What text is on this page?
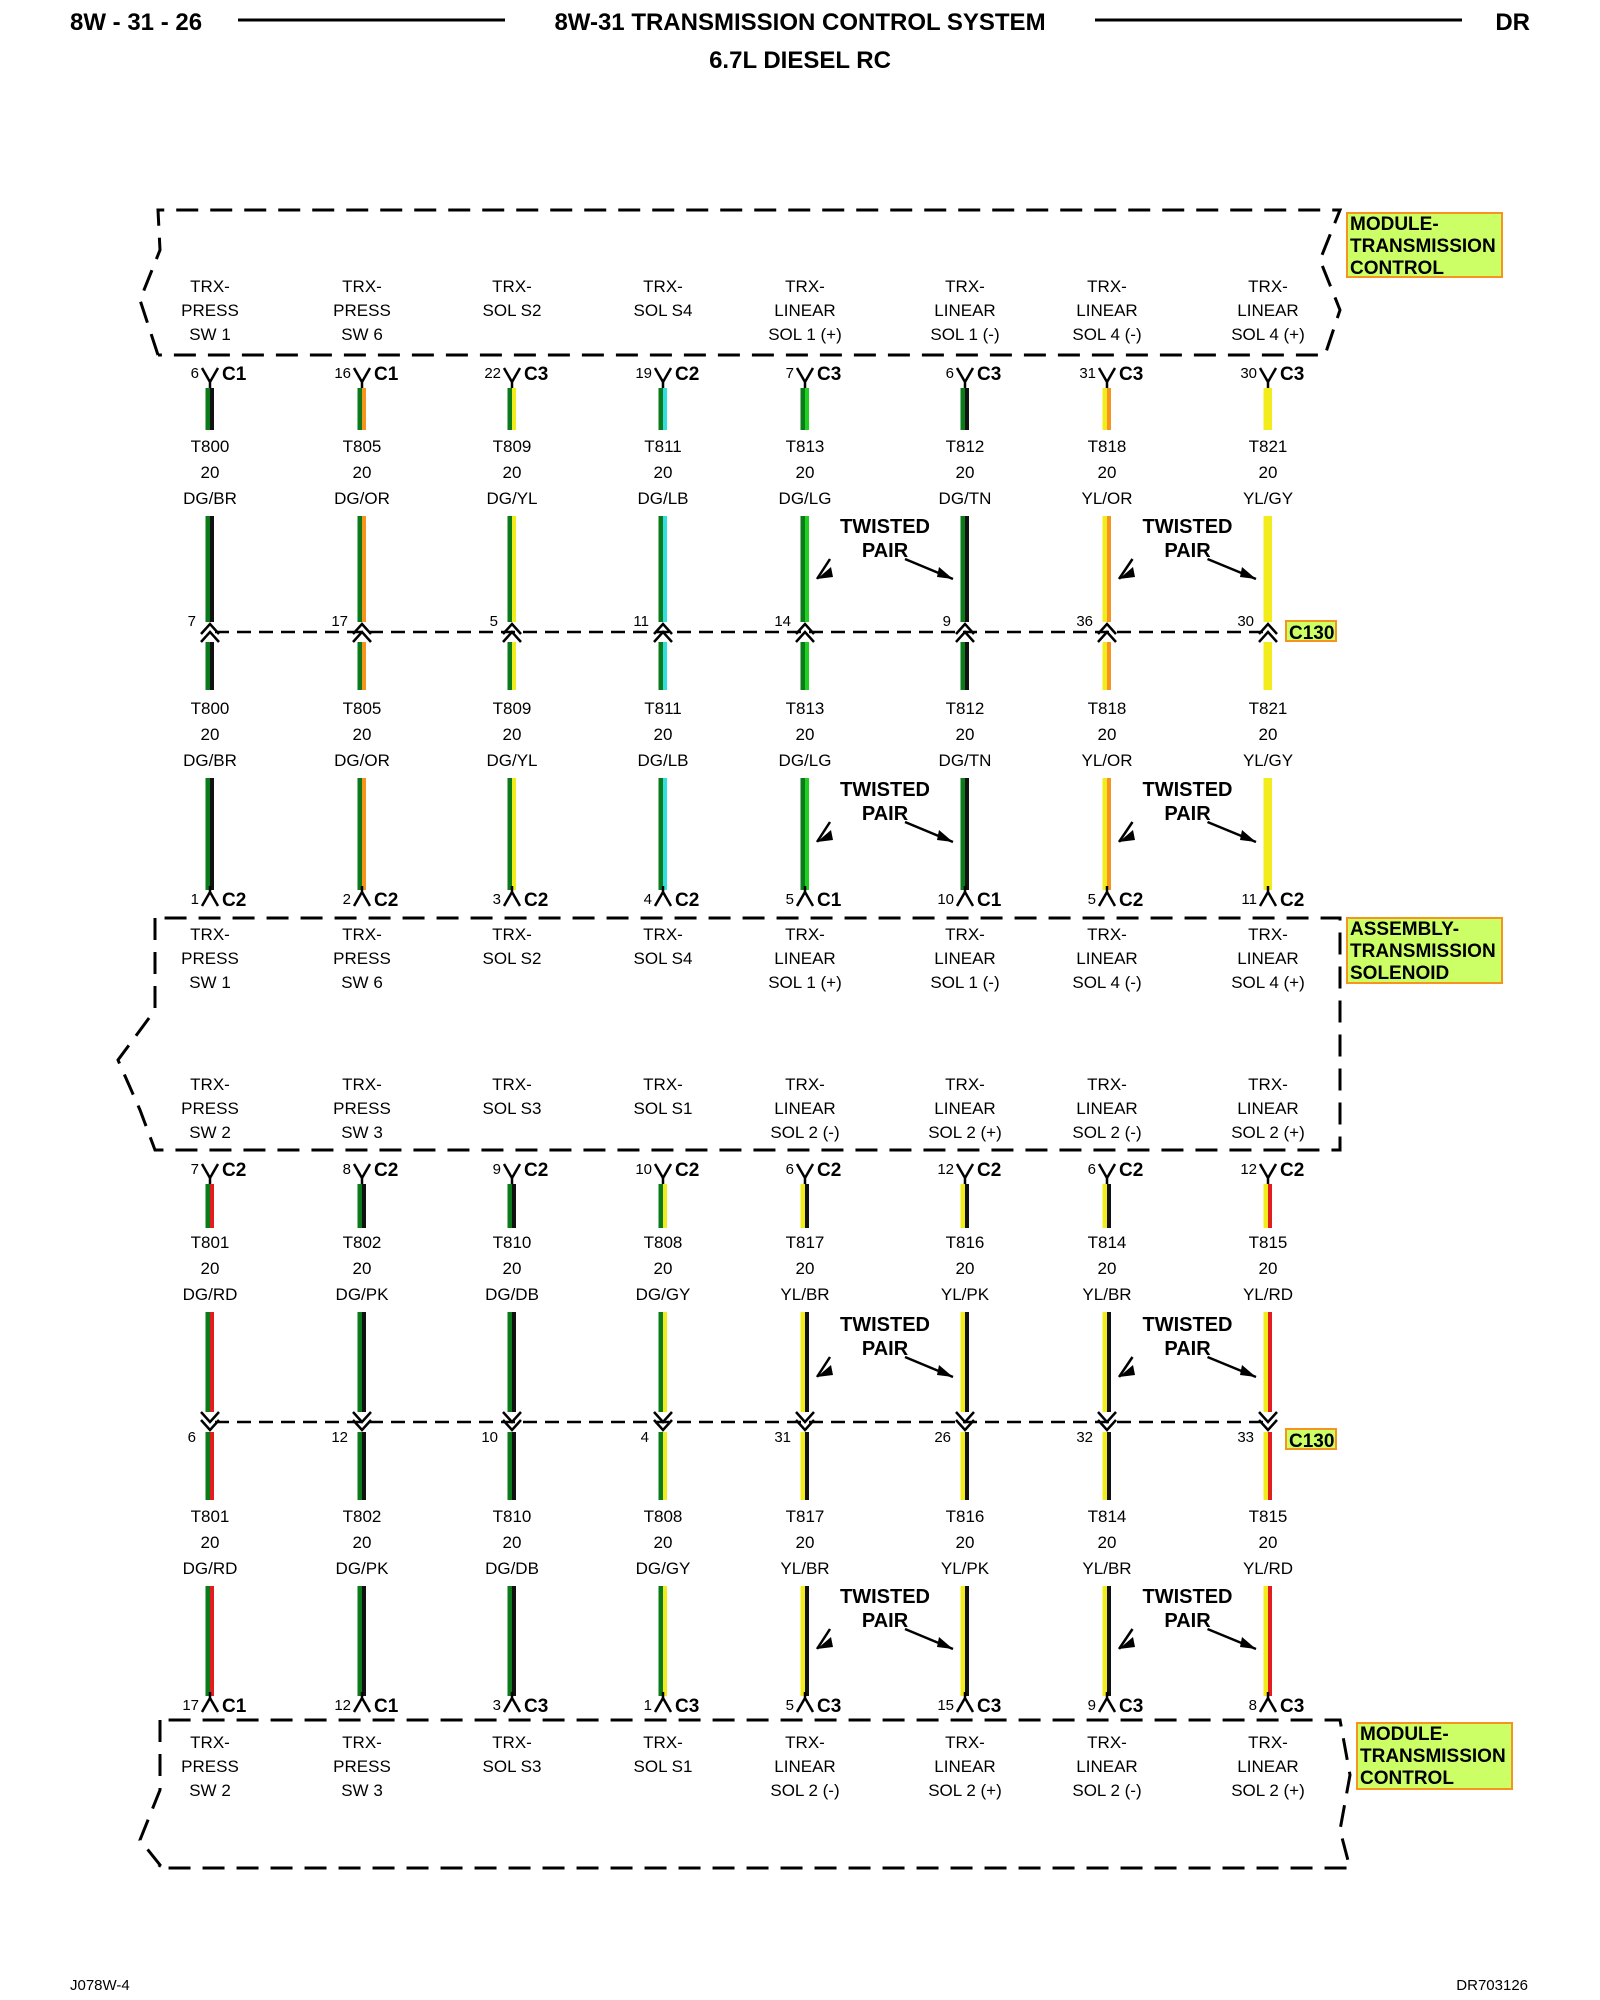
8W - 31 - 26	8W-31 TRANSMISSION CONTROL SYSTEM	DR
6.7L DIESEL RC
MODULE-
TRANSMISSION
CONTROL
ASSEMBLY-
TRANSMISSION
SOLENOID
MODULE-
TRANSMISSION
CONTROL
C130
C130
TRX-
PRESS
SW 1
6 C1
T800
20
DG/BR
7
T800
20
DG/BR
1 C2
TRX-
PRESS
SW 1
TRX-
PRESS
SW 6
16 C1
T805
20
DG/OR
17
T805
20
DG/OR
2 C2
TRX-
PRESS
SW 6
TRX-
SOL S2
22 C3
T809
20
DG/YL
5
T809
20
DG/YL
3 C2
TRX-
SOL S2
TRX-
SOL S4
19 C2
T811
20
DG/LB
11
T811
20
DG/LB
4 C2
TRX-
SOL S4
TRX-
LINEAR
SOL 1 (+)
7 C3
T813
20
DG/LG
14
T813
20
DG/LG
5 C1
TRX-
LINEAR
SOL 1 (+)
TRX-
LINEAR
SOL 1 (-)
6 C3
T812
20
DG/TN
9
T812
20
DG/TN
10 C1
TRX-
LINEAR
SOL 1 (-)
TRX-
LINEAR
SOL 4 (-)
31 C3
T818
20
YL/OR
36
T818
20
YL/OR
5 C2
TRX-
LINEAR
SOL 4 (-)
TRX-
LINEAR
SOL 4 (+)
30 C3
T821
20
YL/GY
30
T821
20
YL/GY
11 C2
TRX-
LINEAR
SOL 4 (+)
TWISTED
PAIR
TWISTED
PAIR
TWISTED
PAIR
TWISTED
PAIR
TRX-
PRESS
SW 2
7 C2
T801
20
DG/RD
6
T801
20
DG/RD
17 C1
TRX-
PRESS
SW 2
TRX-
PRESS
SW 3
8 C2
T802
20
DG/PK
12
T802
20
DG/PK
12 C1
TRX-
PRESS
SW 3
TRX-
SOL S3
9 C2
T810
20
DG/DB
10
T810
20
DG/DB
3 C3
TRX-
SOL S3
TRX-
SOL S1
10 C2
T808
20
DG/GY
4
T808
20
DG/GY
1 C3
TRX-
SOL S1
TRX-
LINEAR
SOL 2 (-)
6 C2
T817
20
YL/BR
31
T817
20
YL/BR
5 C3
TRX-
LINEAR
SOL 2 (-)
TRX-
LINEAR
SOL 2 (+)
12 C2
T816
20
YL/PK
26
T816
20
YL/PK
15 C3
TRX-
LINEAR
SOL 2 (+)
TRX-
LINEAR
SOL 2 (-)
6 C2
T814
20
YL/BR
32
T814
20
YL/BR
9 C3
TRX-
LINEAR
SOL 2 (-)
TRX-
LINEAR
SOL 2 (+)
12 C2
T815
20
YL/RD
33
T815
20
YL/RD
8 C3
TRX-
LINEAR
SOL 2 (+)
TWISTED
PAIR
TWISTED
PAIR
TWISTED
PAIR
TWISTED
PAIR
J078W-4	DR703126
